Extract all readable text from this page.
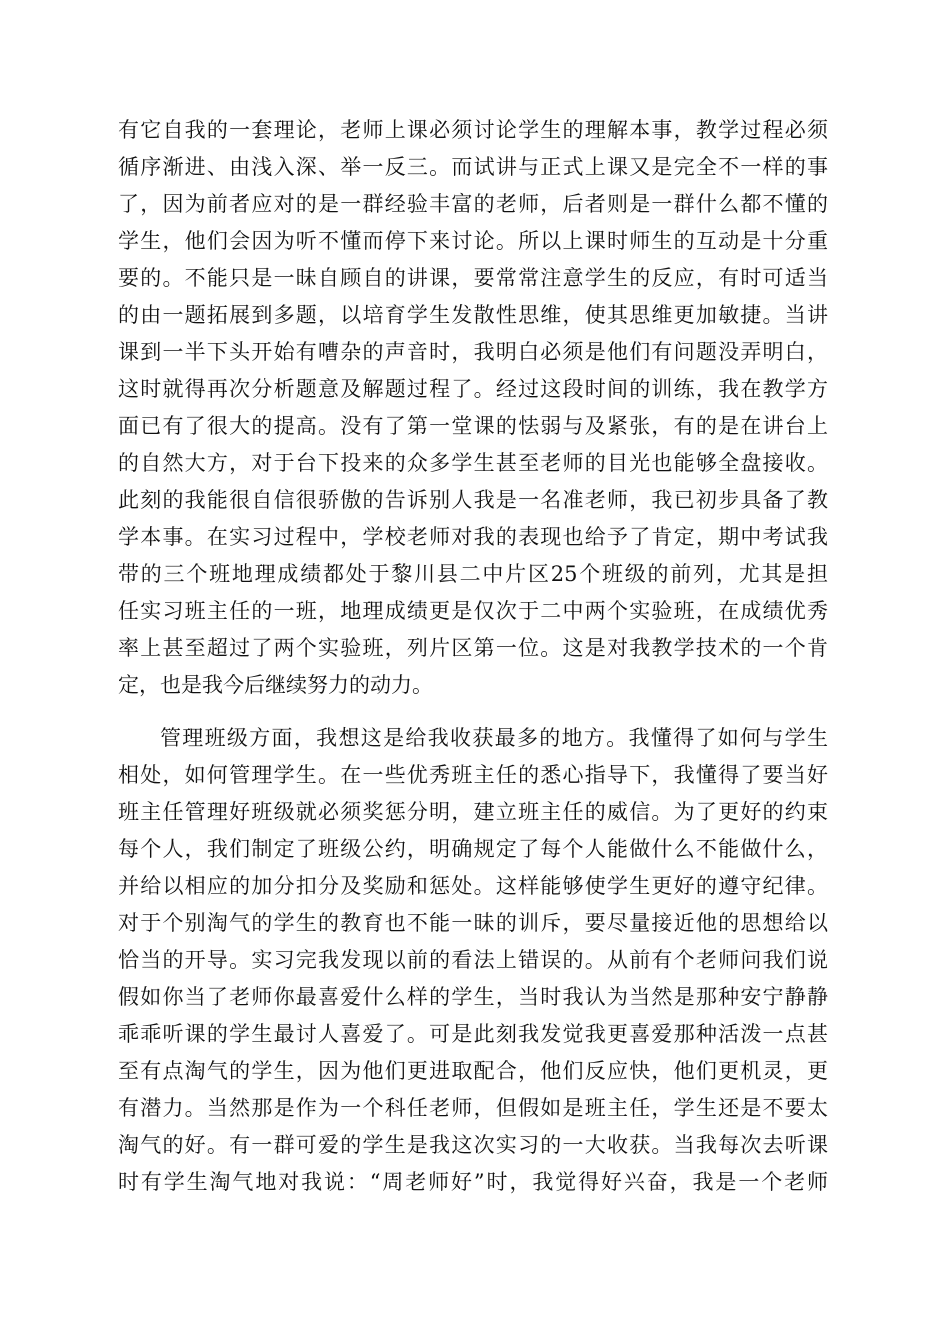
有它自我的一套理论，老师上课必须讨论学生的理解本事，教学过程必须
循序渐进、由浅入深、举一反三。而试讲与正式上课又是完全不一样的事
了，因为前者应对的是一群经验丰富的老师，后者则是一群什么都不懂的
学生，他们会因为听不懂而停下来讨论。所以上课时师生的互动是十分重
要的。不能只是一昧自顾自的讲课，要常常注意学生的反应，有时可适当
的由一题拓展到多题，以培育学生发散性思维，使其思维更加敏捷。当讲
课到一半下头开始有嘈杂的声音时，我明白必须是他们有问题没弄明白，
这时就得再次分析题意及解题过程了。经过这段时间的训练，我在教学方
面已有了很大的提高。没有了第一堂课的怯弱与及紧张，有的是在讲台上
的自然大方，对于台下投来的众多学生甚至老师的目光也能够全盘接收。
此刻的我能很自信很骄傲的告诉别人我是一名准老师，我已初步具备了教
学本事。在实习过程中，学校老师对我的表现也给予了肯定，期中考试我
带的三个班地理成绩都处于黎川县二中片区25个班级的前列，尤其是担
任实习班主任的一班，地理成绩更是仅次于二中两个实验班，在成绩优秀
率上甚至超过了两个实验班，列片区第一位。这是对我教学技术的一个肯
定，也是我今后继续努力的动力。
管理班级方面，我想这是给我收获最多的地方。我懂得了如何与学生
相处，如何管理学生。在一些优秀班主任的悉心指导下，我懂得了要当好
班主任管理好班级就必须奖惩分明，建立班主任的威信。为了更好的约束
每个人，我们制定了班级公约，明确规定了每个人能做什么不能做什么，
并给以相应的加分扣分及奖励和惩处。这样能够使学生更好的遵守纪律。
对于个别淘气的学生的教育也不能一昧的训斥，要尽量接近他的思想给以
恰当的开导。实习完我发现以前的看法上错误的。从前有个老师问我们说
假如你当了老师你最喜爱什么样的学生，当时我认为当然是那种安宁静静
乖乖听课的学生最讨人喜爱了。可是此刻我发觉我更喜爱那种活泼一点甚
至有点淘气的学生，因为他们更进取配合，他们反应快，他们更机灵，更
有潜力。当然那是作为一个科任老师，但假如是班主任，学生还是不要太
淘气的好。有一群可爱的学生是我这次实习的一大收获。当我每次去听课
时有学生淘气地对我说：“周老师好”时，我觉得好兴奋，我是一个老师
